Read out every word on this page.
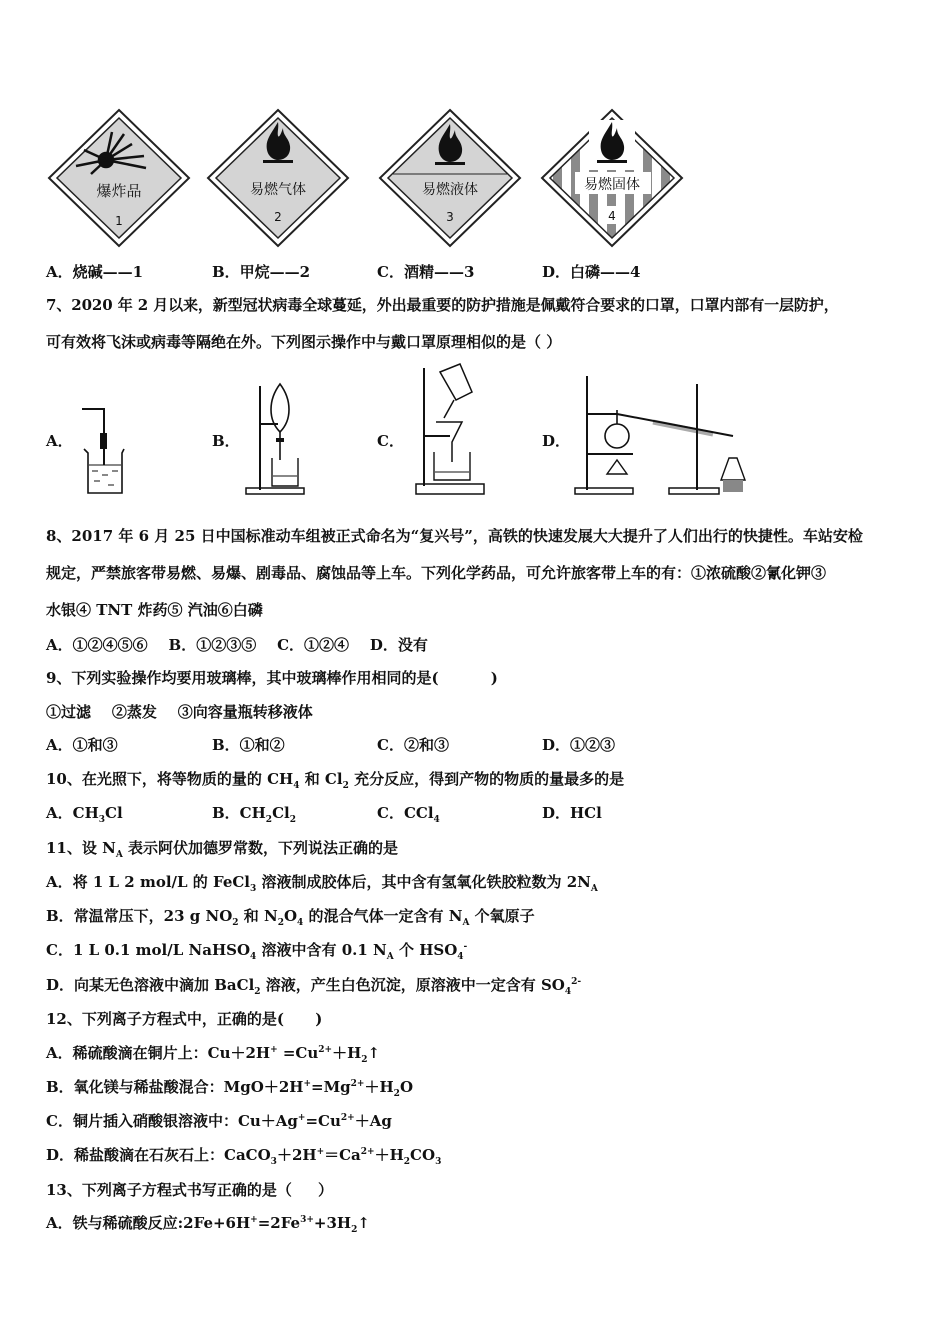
爆炸品
1
易燃气体
2
易燃液体
3
易燃固体
4
A．烧碱——1	B．甲烷——2	C．酒精——3	D．白磷——4
7、2020 年 2 月以来，新型冠状病毒全球蔓延，外出最重要的防护措施是佩戴符合要求的口罩，口罩内部有一层防护，
可有效将飞沫或病毒等隔绝在外。下列图示操作中与戴口罩原理相似的是（ ）
A．	B．	C．	D．
8、2017 年 6 月 25 日中国标准动车组被正式命名为“复兴号”，高铁的快速发展大大提升了人们出行的快捷性。车站安检
规定，严禁旅客带易燃、易爆、剧毒品、腐蚀品等上车。下列化学药品，可允许旅客带上车的有：①浓硫酸②氰化钾③
水银④ TNT 炸药⑤ 汽油⑥白磷
A．①②④⑤⑥    B．①②③⑤    C．①②④    D．没有
9、下列实验操作均要用玻璃棒，其中玻璃棒作用相同的是(          )
①过滤    ②蒸发    ③向容量瓶转移液体
A．①和③	B．①和②	C．②和③	D．①②③
10、在光照下，将等物质的量的 $CH_4$ 和 $Cl_2$ 充分反应，得到产物的物质的量最多的是
A．$CH_3Cl$	B．$CH_2Cl_2$	C．CCl$_4$	D．HCl
11、设 $N_A$ 表示阿伏加德罗常数，下列说法正确的是
A．将 1 L 2 mol/L 的 FeCl$_3$ 溶液制成胶体后，其中含有氢氧化铁胶粒数为 $2N_A$
B．常温常压下，23 g $NO_2$ 和 $N_2O_4$ 的混合气体一定含有 $N_A$ 个氧原子
C．1 L 0.1 mol/L NaHSO$_4$ 溶液中含有 0.1 $N_A$ 个 $HSO_4^-$
D．向某无色溶液中滴加 BaCl$_2$ 溶液，产生白色沉淀，原溶液中一定含有 $SO_4^{2-}$
12、下列离子方程式中，正确的是(      )
A．稀硫酸滴在铜片上：$Cu+2H^+ =Cu^{2+}+H_2↑$
B．氧化镁与稀盐酸混合：$MgO+2H^+=Mg^{2+}+H_2O$
C．铜片插入硝酸银溶液中：$Cu+Ag^+=Cu^{2+}+Ag$
D．稀盐酸滴在石灰石上：$CaCO_3+2H^+=Ca^{2+}+H_2CO_3$
13、下列离子方程式书写正确的是（     ）
A．铁与稀硫酸反应$:2Fe+6H^+=2Fe^{3+}+3H_2↑$
